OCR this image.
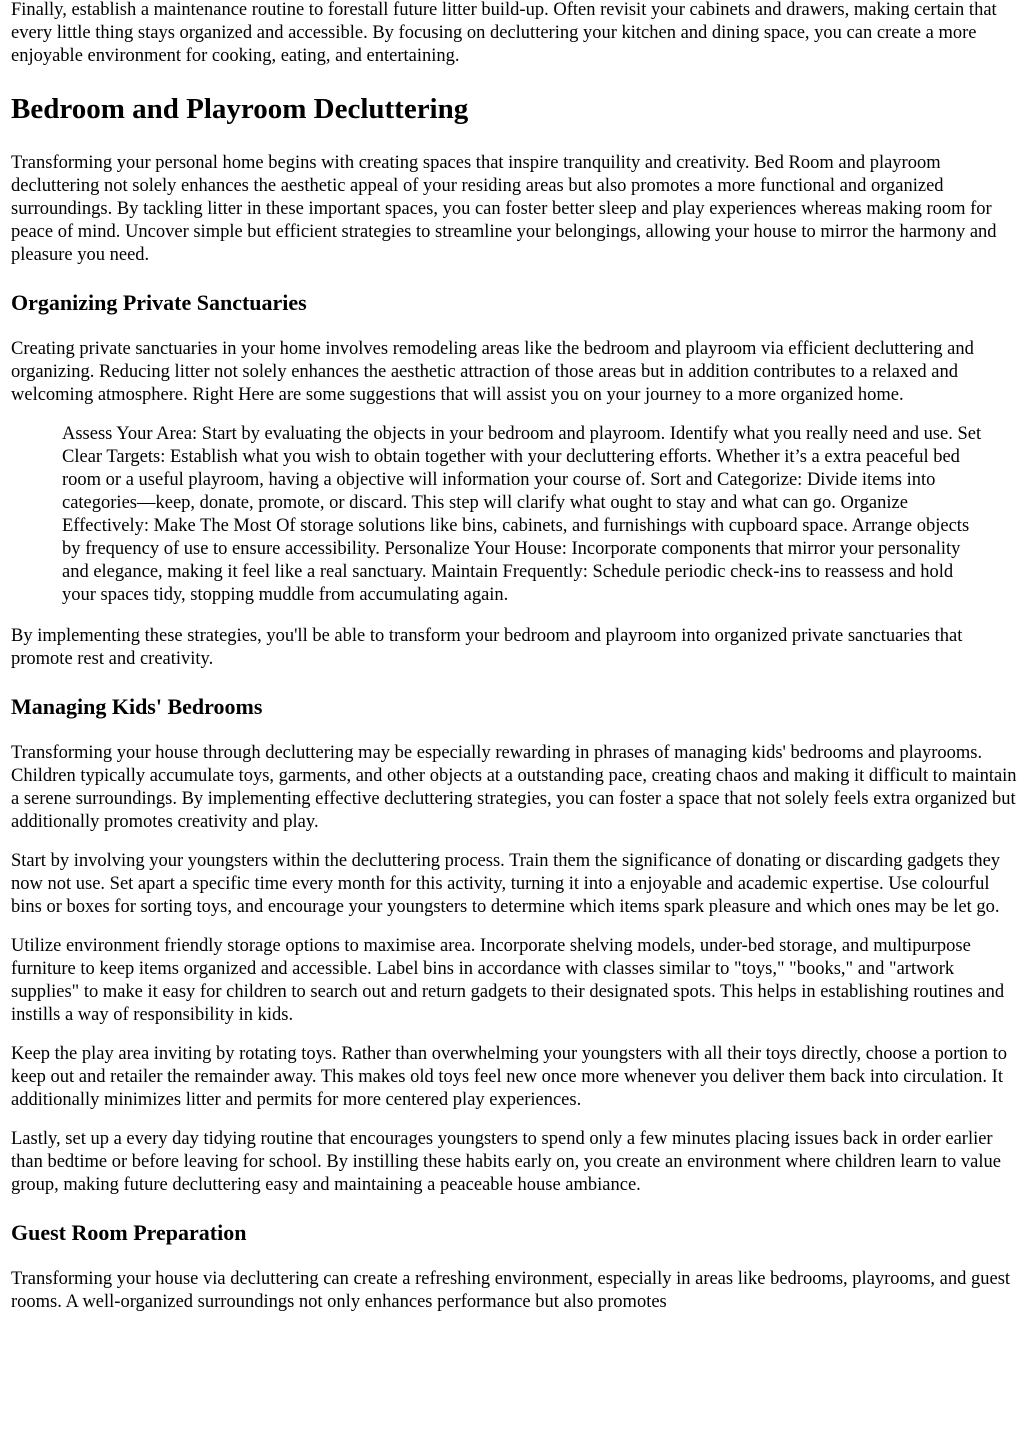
Finally, establish a maintenance routine to forestall future litter build-up. Often revisit your cabinets and drawers, making certain that every little thing stays organized and accessible. By focusing on decluttering your kitchen and dining space, you can create a more enjoyable environment for cooking, eating, and entertaining.

Bedroom and Playroom Decluttering

Transforming your personal home begins with creating spaces that inspire tranquility and creativity. Bed Room and playroom decluttering not solely enhances the aesthetic appeal of your residing areas but also promotes a more functional and organized surroundings. By tackling litter in these important spaces, you can foster better sleep and play experiences whereas making room for peace of mind. Uncover simple but efficient strategies to streamline your belongings, allowing your house to mirror the harmony and pleasure you need.

Organizing Private Sanctuaries

Creating private sanctuaries in your home involves remodeling areas like the bedroom and playroom via efficient decluttering and organizing. Reducing litter not solely enhances the aesthetic attraction of those areas but in addition contributes to a relaxed and welcoming atmosphere. Right Here are some suggestions that will assist you on your journey to a more organized home.

Assess Your Area: Start by evaluating the objects in your bedroom and playroom. Identify what you really need and use. Set Clear Targets: Establish what you wish to obtain together with your decluttering efforts. Whether it’s a extra peaceful bed room or a useful playroom, having a objective will information your course of. Sort and Categorize: Divide items into categories—keep, donate, promote, or discard. This step will clarify what ought to stay and what can go. Organize Effectively: Make The Most Of storage solutions like bins, cabinets, and furnishings with cupboard space. Arrange objects by frequency of use to ensure accessibility. Personalize Your House: Incorporate components that mirror your personality and elegance, making it feel like a real sanctuary. Maintain Frequently: Schedule periodic check-ins to reassess and hold your spaces tidy, stopping muddle from accumulating again.

By implementing these strategies, you'll be able to transform your bedroom and playroom into organized private sanctuaries that promote rest and creativity.

Managing Kids' Bedrooms

Transforming your house through decluttering may be especially rewarding in phrases of managing kids' bedrooms and playrooms. Children typically accumulate toys, garments, and other objects at a outstanding pace, creating chaos and making it difficult to maintain a serene surroundings. By implementing effective decluttering strategies, you can foster a space that not solely feels extra organized but additionally promotes creativity and play.

Start by involving your youngsters within the decluttering process. Train them the significance of donating or discarding gadgets they now not use. Set apart a specific time every month for this activity, turning it into a enjoyable and academic expertise. Use colourful bins or boxes for sorting toys, and encourage your youngsters to determine which items spark pleasure and which ones may be let go.

Utilize environment friendly storage options to maximise area. Incorporate shelving models, under-bed storage, and multipurpose furniture to keep items organized and accessible. Label bins in accordance with classes similar to "toys," "books," and "artwork supplies" to make it easy for children to search out and return gadgets to their designated spots. This helps in establishing routines and instills a way of responsibility in kids.

Keep the play area inviting by rotating toys. Rather than overwhelming your youngsters with all their toys directly, choose a portion to keep out and retailer the remainder away. This makes old toys feel new once more whenever you deliver them back into circulation. It additionally minimizes litter and permits for more centered play experiences.

Lastly, set up a every day tidying routine that encourages youngsters to spend only a few minutes placing issues back in order earlier than bedtime or before leaving for school. By instilling these habits early on, you create an environment where children learn to value group, making future decluttering easy and maintaining a peaceable house ambiance.

Guest Room Preparation

Transforming your house via decluttering can create a refreshing environment, especially in areas like bedrooms, playrooms, and guest rooms. A well-organized surroundings not only enhances performance but also promotes
